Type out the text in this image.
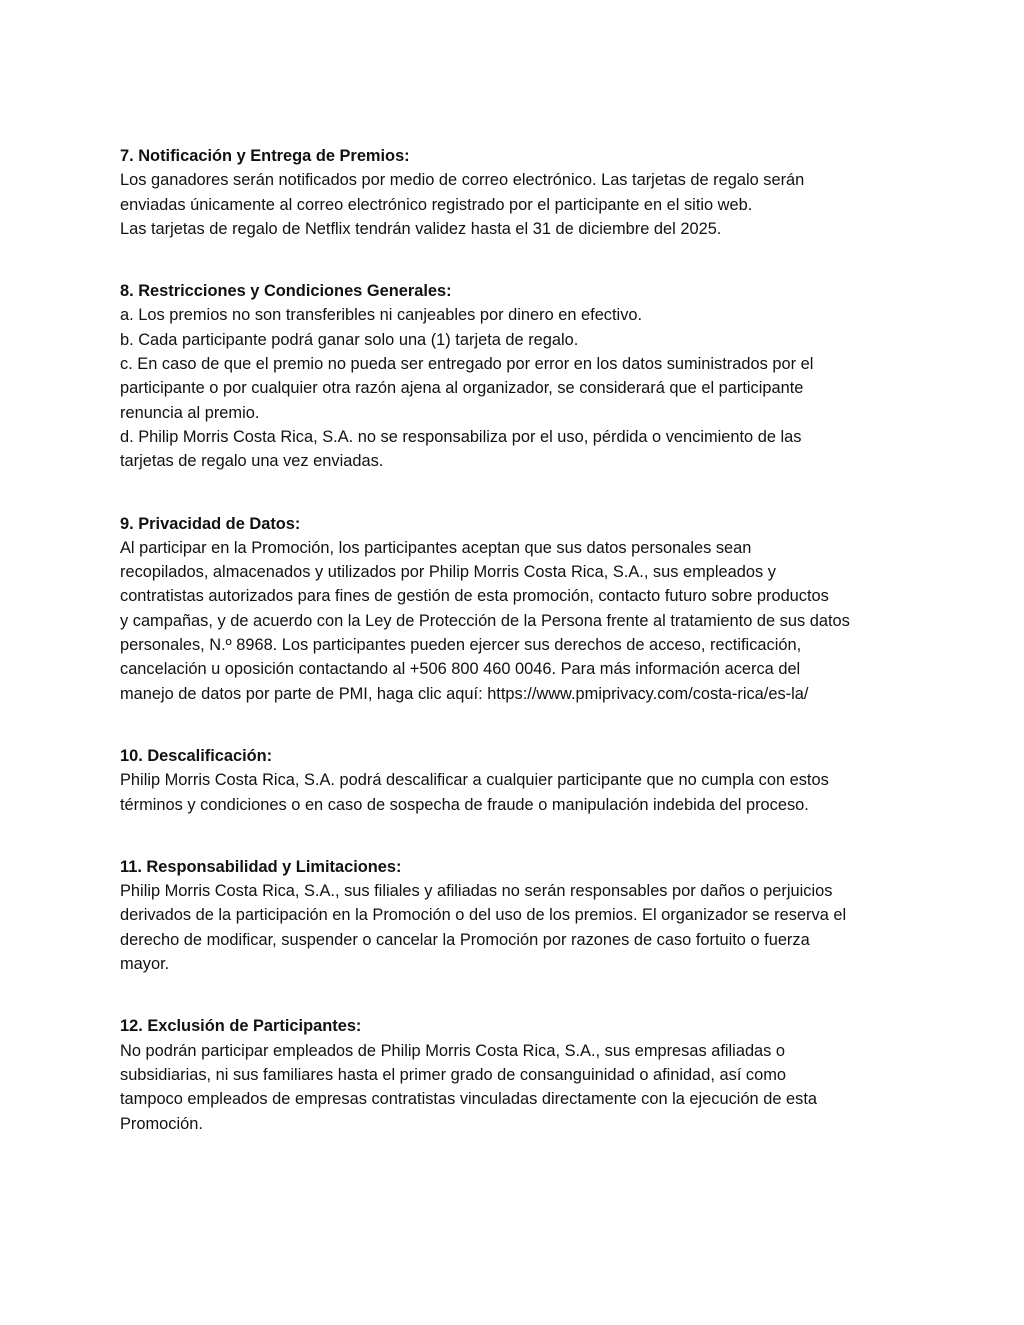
7. Notificación y Entrega de Premios:

Los ganadores serán notificados por medio de correo electrónico. Las tarjetas de regalo serán

enviadas únicamente al correo electrónico registrado por el participante en el sitio web.

Las tarjetas de regalo de Netflix tendrán validez hasta el 31 de diciembre del 2025.

8. Restricciones y Condiciones Generales:

a. Los premios no son transferibles ni canjeables por dinero en efectivo.

b. Cada participante podrá ganar solo una (1) tarjeta de regalo.

c. En caso de que el premio no pueda ser entregado por error en los datos suministrados por el

participante o por cualquier otra razón ajena al organizador, se considerará que el participante

renuncia al premio.

d. Philip Morris Costa Rica, S.A. no se responsabiliza por el uso, pérdida o vencimiento de las

tarjetas de regalo una vez enviadas.

9. Privacidad de Datos:

Al participar en la Promoción, los participantes aceptan que sus datos personales sean

recopilados, almacenados y utilizados por Philip Morris Costa Rica, S.A., sus empleados y

contratistas autorizados para fines de gestión de esta promoción, contacto futuro sobre productos

y campañas, y de acuerdo con la Ley de Protección de la Persona frente al tratamiento de sus datos

personales, N.º 8968. Los participantes pueden ejercer sus derechos de acceso, rectificación,

cancelación u oposición contactando al +506 800 460 0046. Para más información acerca del

manejo de datos por parte de PMI, haga clic aquí: https://www.pmiprivacy.com/costa-rica/es-la/

10. Descalificación:

Philip Morris Costa Rica, S.A. podrá descalificar a cualquier participante que no cumpla con estos

términos y condiciones o en caso de sospecha de fraude o manipulación indebida del proceso.

11. Responsabilidad y Limitaciones:

Philip Morris Costa Rica, S.A., sus filiales y afiliadas no serán responsables por daños o perjuicios

derivados de la participación en la Promoción o del uso de los premios. El organizador se reserva el

derecho de modificar, suspender o cancelar la Promoción por razones de caso fortuito o fuerza

mayor.

12. Exclusión de Participantes:

No podrán participar empleados de Philip Morris Costa Rica, S.A., sus empresas afiliadas o

subsidiarias, ni sus familiares hasta el primer grado de consanguinidad o afinidad, así como

tampoco empleados de empresas contratistas vinculadas directamente con la ejecución de esta

Promoción.
